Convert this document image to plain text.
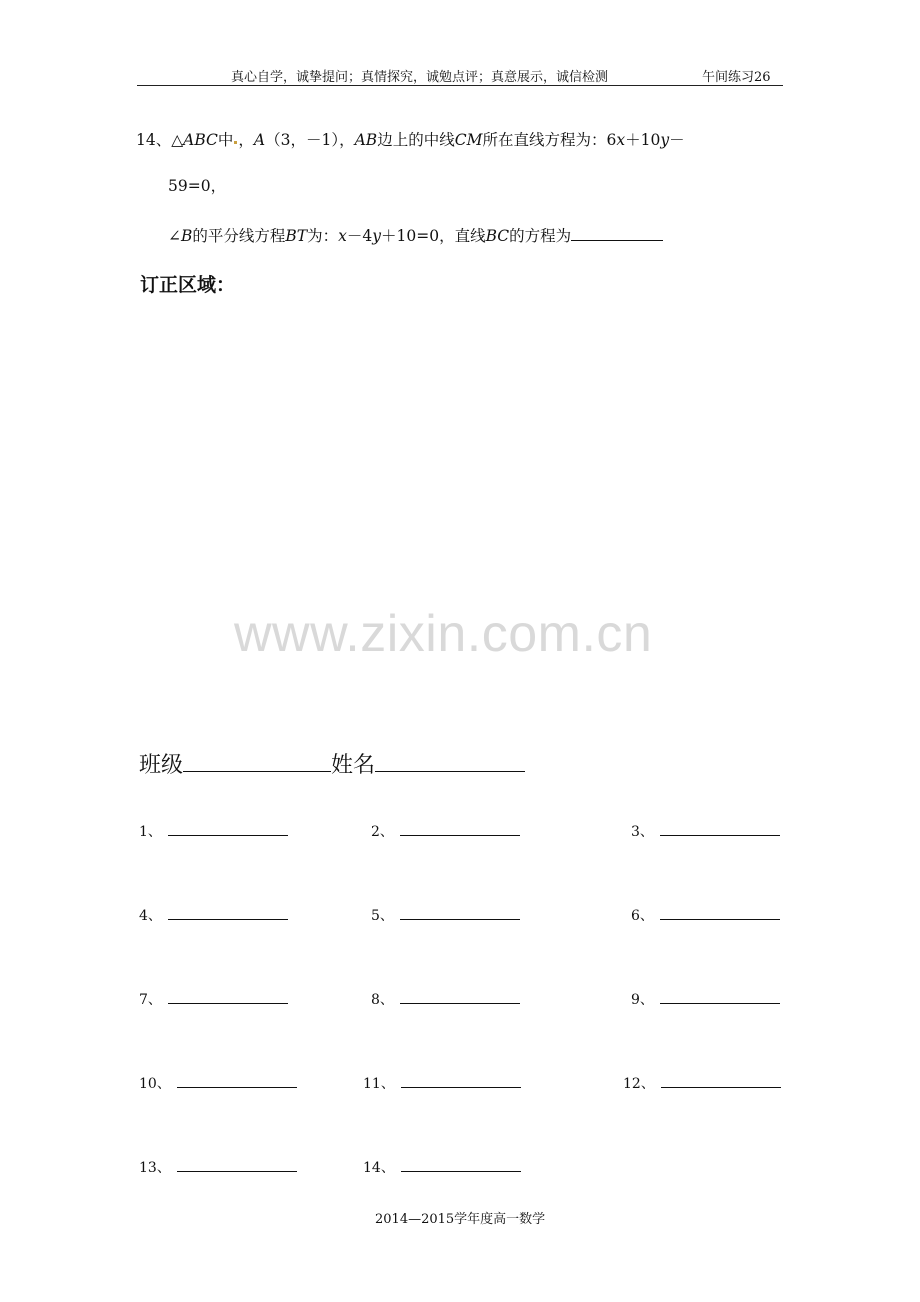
真心自学，诚挚提问；真情探究，诚勉点评；真意展示，诚信检测	午间练习26
14、△ABC中 ，A（3，－1），AB边上的中线CM所在直线方程为：6x＋10y－
59=0，
∠B的平分线方程BT为：x－4y＋10=0，直线BC的方程为
订正区域：
www.zixin.com.cn
班级	姓名
1、	2、	3、
4、	5、	6、
7、	8、	9、
10、	11、	12、
13、	14、
2014—2015学年度高一数学
